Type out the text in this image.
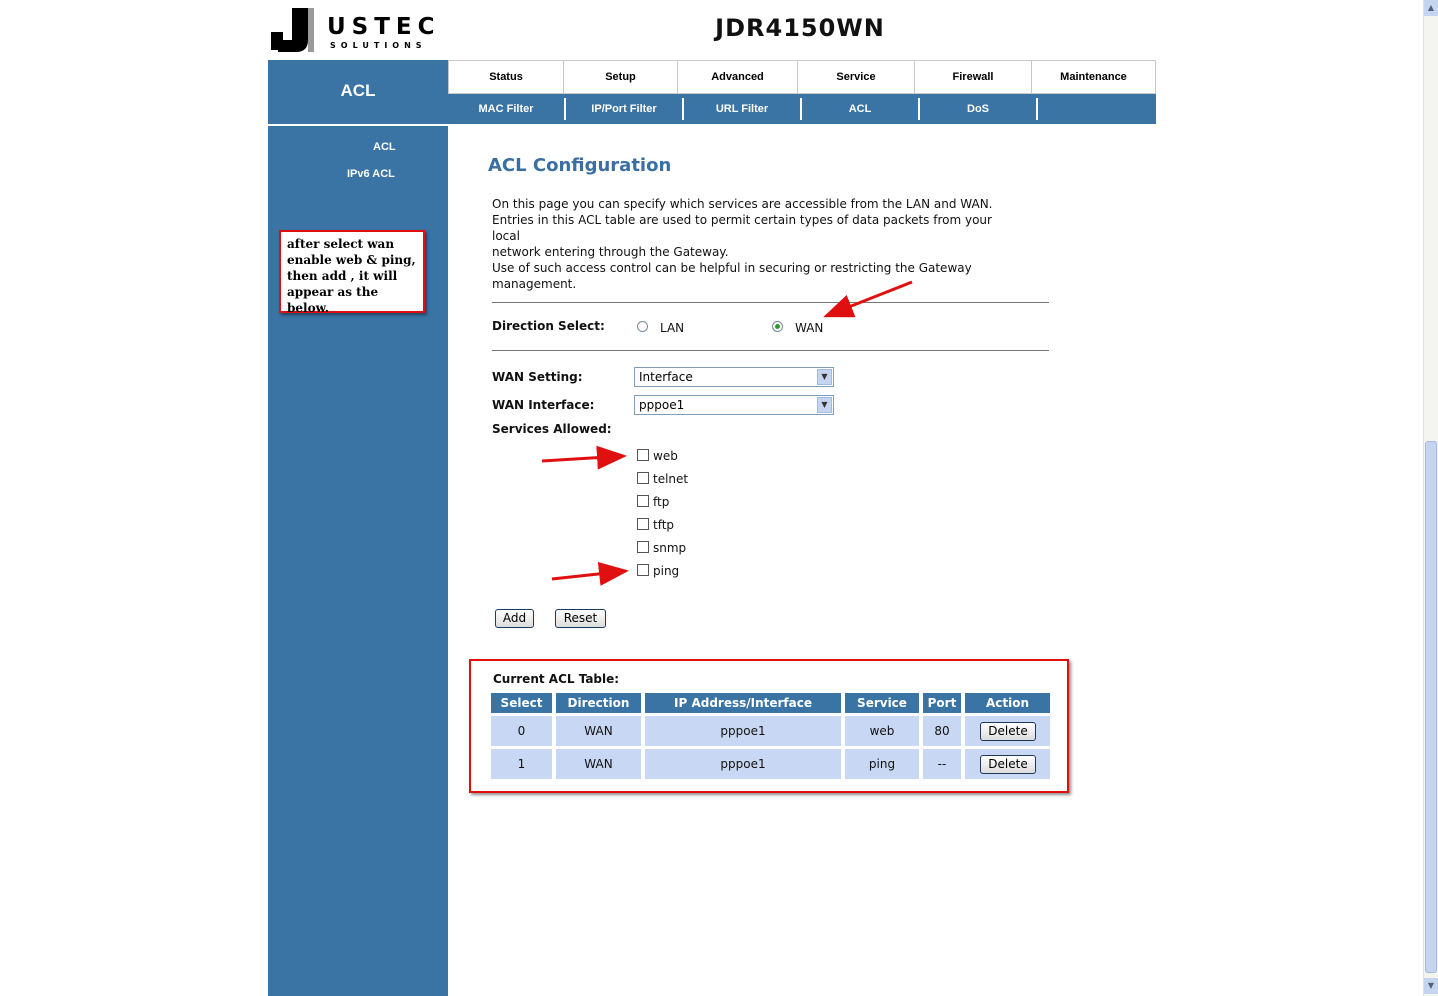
USTEC
SOLUTIONS
JDR4150WN
ACL
ACL
IPv6 ACL
after select wan enable web & ping, then add , it will appear as the below.
Status	Setup	Advanced	Service	Firewall	Maintenance
MAC Filter	IP/Port Filter	URL Filter	ACL	DoS
ACL Configuration
On this page you can specify which services are accessible from the LAN and WAN.
Entries in this ACL table are used to permit certain types of data packets from your
local
network entering through the Gateway.
Use of such access control can be helpful in securing or restricting the Gateway
management.
Direction Select:	LAN	WAN
WAN Setting:	Interface	▼
WAN Interface:	pppoe1	▼
Services Allowed:
web
telnet
ftp
tftp
snmp
ping
Add	Reset
Current ACL Table:
Select	Direction	IP Address/Interface	Service	Port	Action
0	WAN	pppoe1	web	80	Delete
1	WAN	pppoe1	ping	--	Delete
▲
▼
